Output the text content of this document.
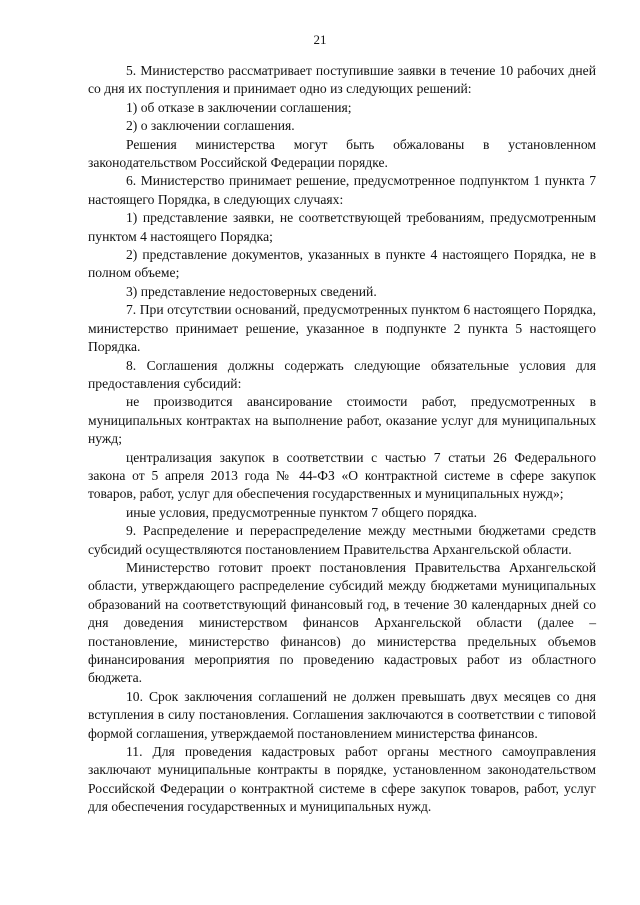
21

5. Министерство рассматривает поступившие заявки в течение 10 рабочих дней со дня их поступления и принимает одно из следующих решений:

1) об отказе в заключении соглашения;

2) о заключении соглашения.

Решения министерства могут быть обжалованы в установленном законодательством Российской Федерации порядке.

6. Министерство принимает решение, предусмотренное подпунктом 1 пункта 7 настоящего Порядка, в следующих случаях:

1) представление заявки, не соответствующей требованиям, предусмотренным пунктом 4 настоящего Порядка;

2) представление документов, указанных в пункте 4 настоящего Порядка, не в полном объеме;

3) представление недостоверных сведений.

7. При отсутствии оснований, предусмотренных пунктом 6 настоящего Порядка, министерство принимает решение, указанное в подпункте 2 пункта 5 настоящего Порядка.

8. Соглашения должны содержать следующие обязательные условия для предоставления субсидий:

не производится авансирование стоимости работ, предусмотренных в муниципальных контрактах на выполнение работ, оказание услуг для муниципальных нужд;

централизация закупок в соответствии с частью 7 статьи 26 Федерального закона от 5 апреля 2013 года № 44-ФЗ «О контрактной системе в сфере закупок товаров, работ, услуг для обеспечения государственных и муниципальных нужд»;

иные условия, предусмотренные пунктом 7 общего порядка.

9. Распределение и перераспределение между местными бюджетами средств субсидий осуществляются постановлением Правительства Архангельской области.

Министерство готовит проект постановления Правительства Архангельской области, утверждающего распределение субсидий между бюджетами муниципальных образований на соответствующий финансовый год, в течение 30 календарных дней со дня доведения министерством финансов Архангельской области (далее – постановление, министерство финансов) до министерства предельных объемов финансирования мероприятия по проведению кадастровых работ из областного бюджета.

10. Срок заключения соглашений не должен превышать двух месяцев со дня вступления в силу постановления. Соглашения заключаются в соответствии с типовой формой соглашения, утверждаемой постановлением министерства финансов.

11. Для проведения кадастровых работ органы местного самоуправления заключают муниципальные контракты в порядке, установленном законодательством Российской Федерации о контрактной системе в сфере закупок товаров, работ, услуг для обеспечения государственных и муниципальных нужд.
